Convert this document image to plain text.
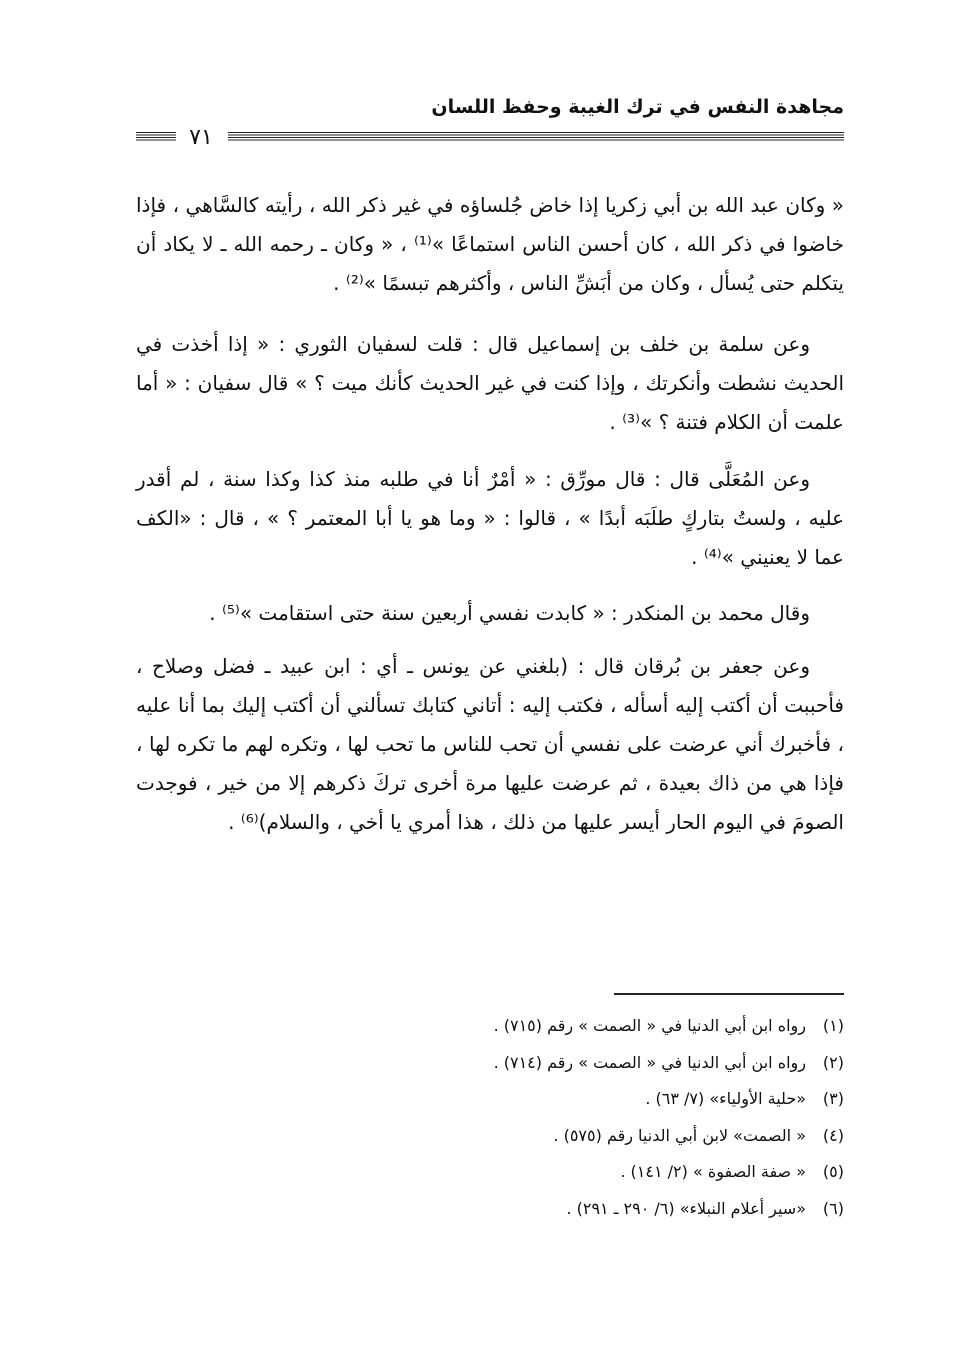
مجاهدة النفس في ترك الغيبة وحفظ اللسان
٧١

« وكان عبد الله بن أبي زكريا إذا خاض جُلساؤه في غير ذكر الله ، رأيته كالسَّاهي ، فإذا خاضوا في ذكر الله ، كان أحسن الناس استماعًا »⁽¹⁾ ، « وكان ـ رحمه الله ـ لا يكاد أن يتكلم حتى يُسأل ، وكان من أبَشِّ الناس ، وأكثرهم تبسمًا »⁽²⁾ .

وعن سلمة بن خلف بن إسماعيل قال : قلت لسفيان الثوري : « إذا أخذت في الحديث نشطت وأنكرتك ، وإذا كنت في غير الحديث كأنك ميت ؟ » قال سفيان : « أما علمت أن الكلام فتنة ؟ »⁽³⁾ .

وعن المُعَلَّى قال : قال مورِّق : « أمْرٌ أنا في طلبه منذ كذا وكذا سنة ، لم أقدر عليه ، ولستُ بتاركٍ طلَبَه أبدًا » ، قالوا : « وما هو يا أبا المعتمر ؟ » ، قال : «الكف عما لا يعنيني »⁽⁴⁾ .

وقال محمد بن المنكدر : « كابدت نفسي أربعين سنة حتى استقامت »⁽⁵⁾ .

وعن جعفر بن بُرقان قال : (بلغني عن يونس ـ أي : ابن عبيد ـ فضل وصلاح ، فأحببت أن أكتب إليه أسأله ، فكتب إليه : أتاني كتابك تسألني أن أكتب إليك بما أنا عليه ، فأخبرك أني عرضت على نفسي أن تحب للناس ما تحب لها ، وتكره لهم ما تكره لها ، فإذا هي من ذاك بعيدة ، ثم عرضت عليها مرة أخرى تركَ ذكرهم إلا من خير ، فوجدت الصومَ في اليوم الحار أيسر عليها من ذلك ، هذا أمري يا أخي ، والسلام)⁽⁶⁾ .

(١)رواه ابن أبي الدنيا في « الصمت » رقم (٧١٥) .
(٢)رواه ابن أبي الدنيا في « الصمت » رقم (٧١٤) .
(٣)«حلية الأولياء» (٧/ ٦٣) .
(٤)« الصمت» لابن أبي الدنيا رقم (٥٧٥) .
(٥)« صفة الصفوة » (٢/ ١٤١) .
(٦)«سير أعلام النبلاء» (٦/ ٢٩٠ ـ ٢٩١) .
